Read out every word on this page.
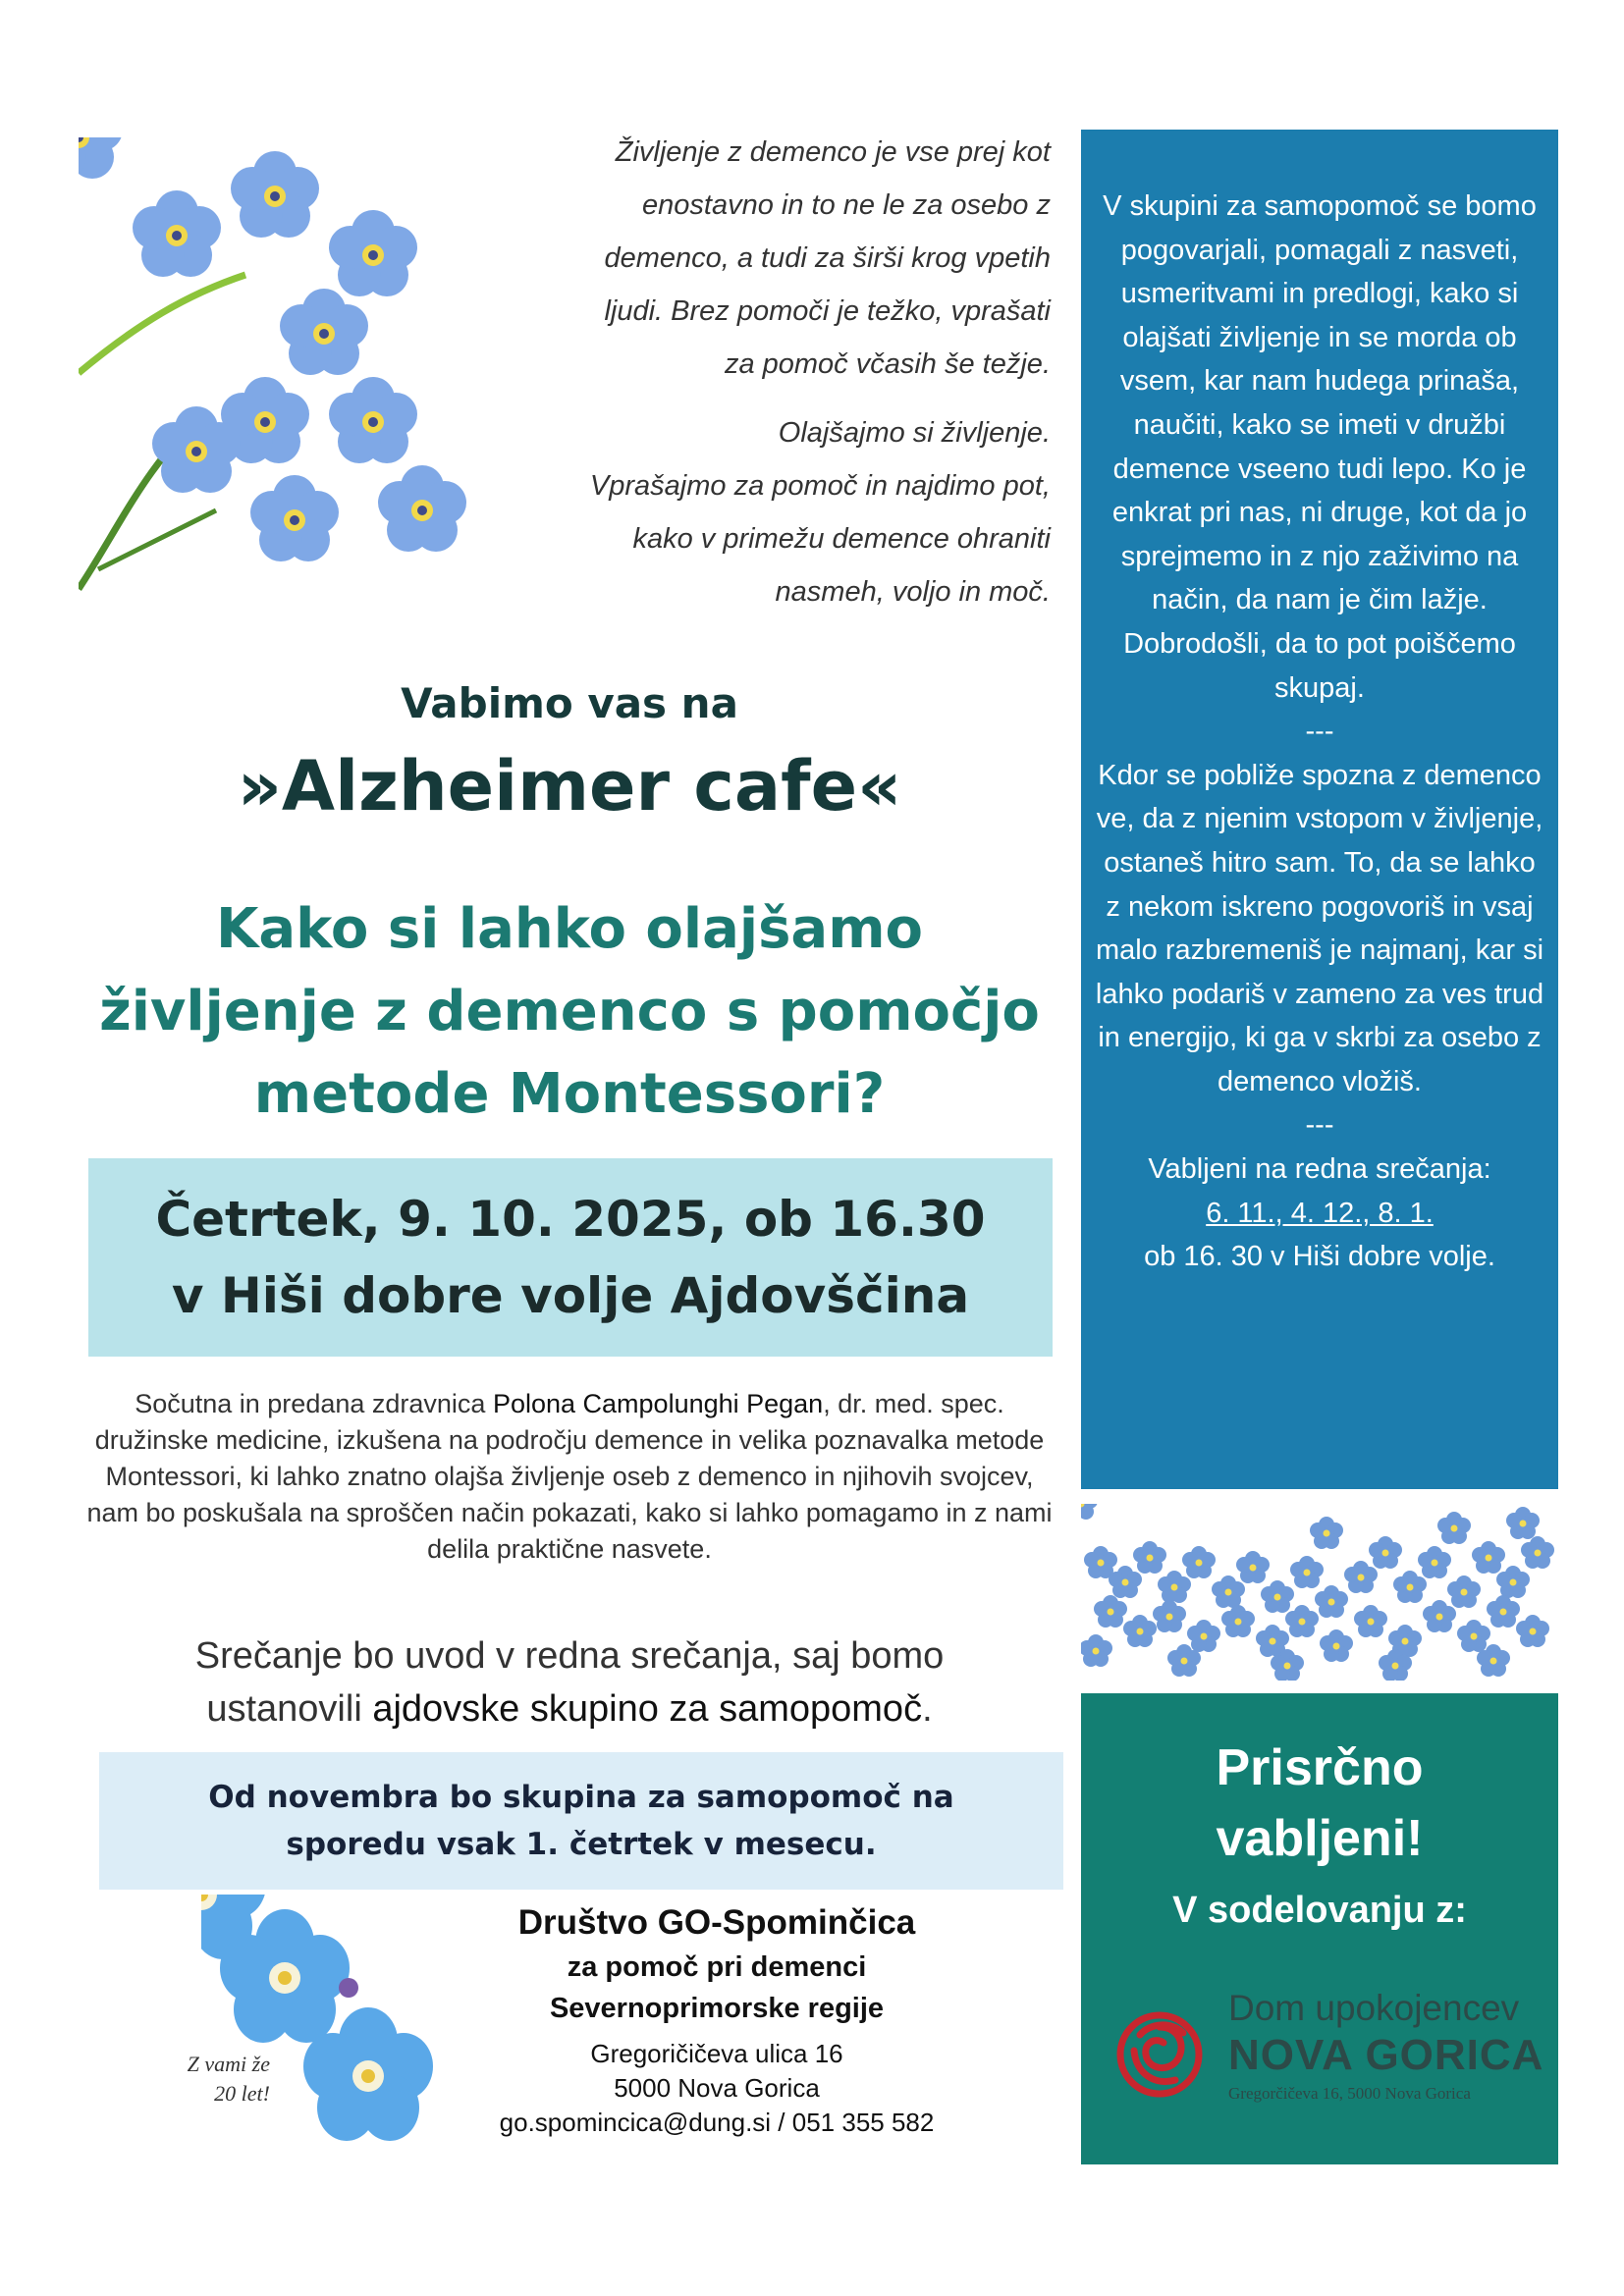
Življenje z demenco je vse prej kot
enostavno in to ne le za osebo z
demenco, a tudi za širši krog vpetih
ljudi. Brez pomoči je težko, vprašati
za pomoč včasih še težje.

Olajšajmo si življenje.
Vprašajmo za pomoč in najdimo pot,
kako v primežu demence ohraniti
nasmeh, voljo in moč.

Vabimo vas na
»Alzheimer cafe«
Kako si lahko olajšamo
življenje z demenco s pomočjo
metode Montessori?
Četrtek, 9. 10. 2025, ob 16.30
v Hiši dobre volje Ajdovščina
Sočutna in predana zdravnica Polona Campolunghi Pegan, dr. med. spec. družinske medicine, izkušena na področju demence in velika poznavalka metode Montessori, ki lahko znatno olajša življenje oseb z demenco in njihovih svojcev, nam bo poskušala na sproščen način pokazati, kako si lahko pomagamo in z nami delila praktične nasvete.
Srečanje bo uvod v redna srečanja, saj bomo
ustanovili ajdovske skupino za samopomoč.
Od novembra bo skupina za samopomoč na
sporedu vsak 1. četrtek v mesecu.
Z vami že
20 let!
Društvo GO-Spominčica
za pomoč pri demenci
Severnoprimorske regije
Gregoričičeva ulica 16
5000 Nova Gorica
go.spomincica@dung.si / 051 355 582

V skupini za samopomoč se bomo pogovarjali, pomagali z nasveti, usmeritvami in predlogi, kako si olajšati življenje in se morda ob vsem, kar nam hudega prinaša, naučiti, kako se imeti v družbi demence vseeno tudi lepo. Ko je enkrat pri nas, ni druge, kot da jo sprejmemo in z njo zaživimo na način, da nam je čim lažje. Dobrodošli, da to pot poiščemo skupaj.

---

Kdor se pobliže spozna z demenco ve, da z njenim vstopom v življenje, ostaneš hitro sam. To, da se lahko z nekom iskreno pogovoriš in vsaj malo razbremeniš je najmanj, kar si lahko podariš v zameno za ves trud in energijo, ki ga v skrbi za osebo z demenco vložiš.

---

Vabljeni na redna srečanja:

6. 11., 4. 12., 8. 1.

ob 16. 30 v Hiši dobre volje.

Prisrčno
vabljeni!
V sodelovanju z:
Dom upokojencev
NOVA GORICA
Gregorčičeva 16, 5000 Nova Gorica
